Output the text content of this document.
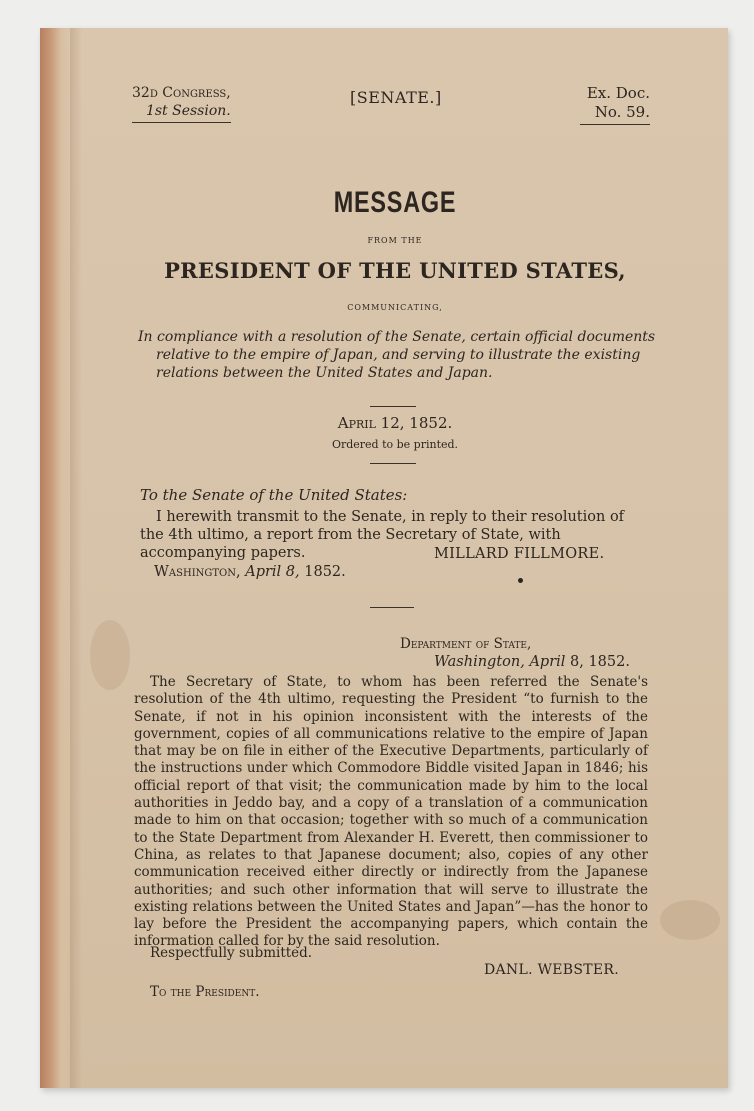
32d Congress,

1st Session.
[SENATE.]	Ex. Doc.

No. 59.
MESSAGE
FROM THE
PRESIDENT OF THE UNITED STATES,
COMMUNICATING,
In compliance with a resolution of the Senate, certain official documents
relative to the empire of Japan, and serving to illustrate the existing
relations between the United States and Japan.
April 12, 1852.
Ordered to be printed.
To the Senate of the United States:
I herewith transmit to the Senate, in reply to their resolution of the 4th ultimo, a report from the Secretary of State, with accompanying papers.	MILLARD FILLMORE.
Washington, April 8, 1852.
Department of State,
Washington, April 8, 1852.

The Secretary of State, to whom has been referred the Senate's resolution of the 4th ultimo, requesting the President “to furnish to the Senate, if not in his opinion inconsistent with the interests of the government, copies of all communications relative to the empire of Japan that may be on file in either of the Executive Departments, particularly of the instructions under which Commodore Biddle visited Japan in 1846; his official report of that visit; the communication made by him to the local authorities in Jeddo bay, and a copy of a translation of a communication made to him on that occasion; together with so much of a communication to the State Department from Alexander H. Everett, then commissioner to China, as relates to that Japanese document; also, copies of any other communication received either directly or indirectly from the Japanese authorities; and such other information that will serve to illustrate the existing relations between the United States and Japan”—has the honor to lay before the President the accompanying papers, which contain the information called for by the said resolution.

Respectfully submitted.
DANL. WEBSTER.
To the President.
